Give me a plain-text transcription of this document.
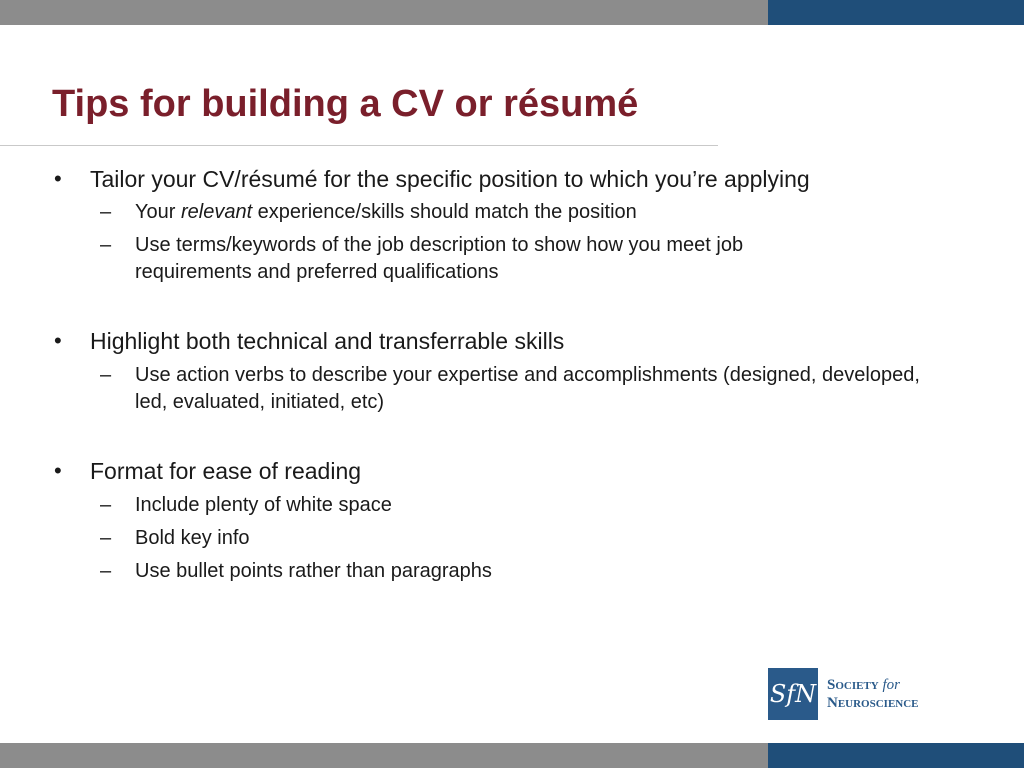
Tips for building a CV or résumé
• Tailor your CV/résumé for the specific position to which you’re applying
– Your relevant experience/skills should match the position
– Use terms/keywords of the job description to show how you meet job requirements and preferred qualifications
• Highlight both technical and transferrable skills
– Use action verbs to describe your expertise and accomplishments (designed, developed, led, evaluated, initiated, etc)
• Format for ease of reading
– Include plenty of white space
– Bold key info
– Use bullet points rather than paragraphs
SfN Society for
Neuroscience
